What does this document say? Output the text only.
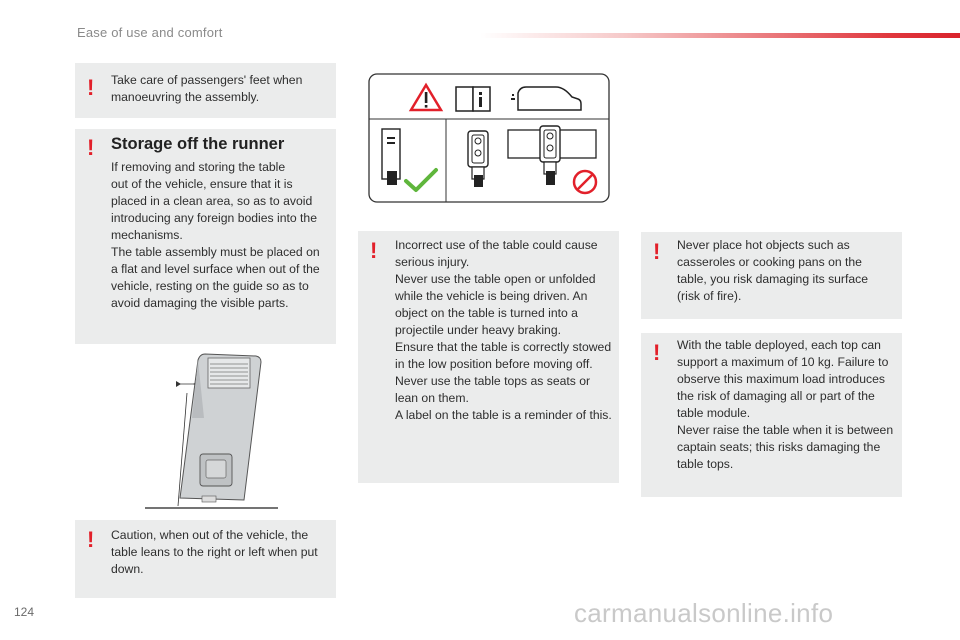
Ease of use and comfort
! Take care of passengers' feet when manoeuvring the assembly.
! Storage off the runner
If removing and storing the table
out of the vehicle, ensure that it is
placed in a clean area, so as to avoid
introducing any foreign bodies into the
mechanisms.
The table assembly must be placed on
a flat and level surface when out of the
vehicle, resting on the guide so as to
avoid damaging the visible parts.
! Caution, when out of the vehicle, the
table leans to the right or left when put
down.
! Incorrect use of the table could cause
serious injury.
Never use the table open or unfolded
while the vehicle is being driven. An
object on the table is turned into a
projectile under heavy braking.
Ensure that the table is correctly stowed
in the low position before moving off.
Never use the table tops as seats or
lean on them.
A label on the table is a reminder of this.
! Never place hot objects such as
casseroles or cooking pans on the
table, you risk damaging its surface
(risk of fire).
! With the table deployed, each top can
support a maximum of 10 kg. Failure to
observe this maximum load introduces
the risk of damaging all or part of the
table module.
Never raise the table when it is between
captain seats; this risks damaging the
table tops.
124	carmanualsonline.info
